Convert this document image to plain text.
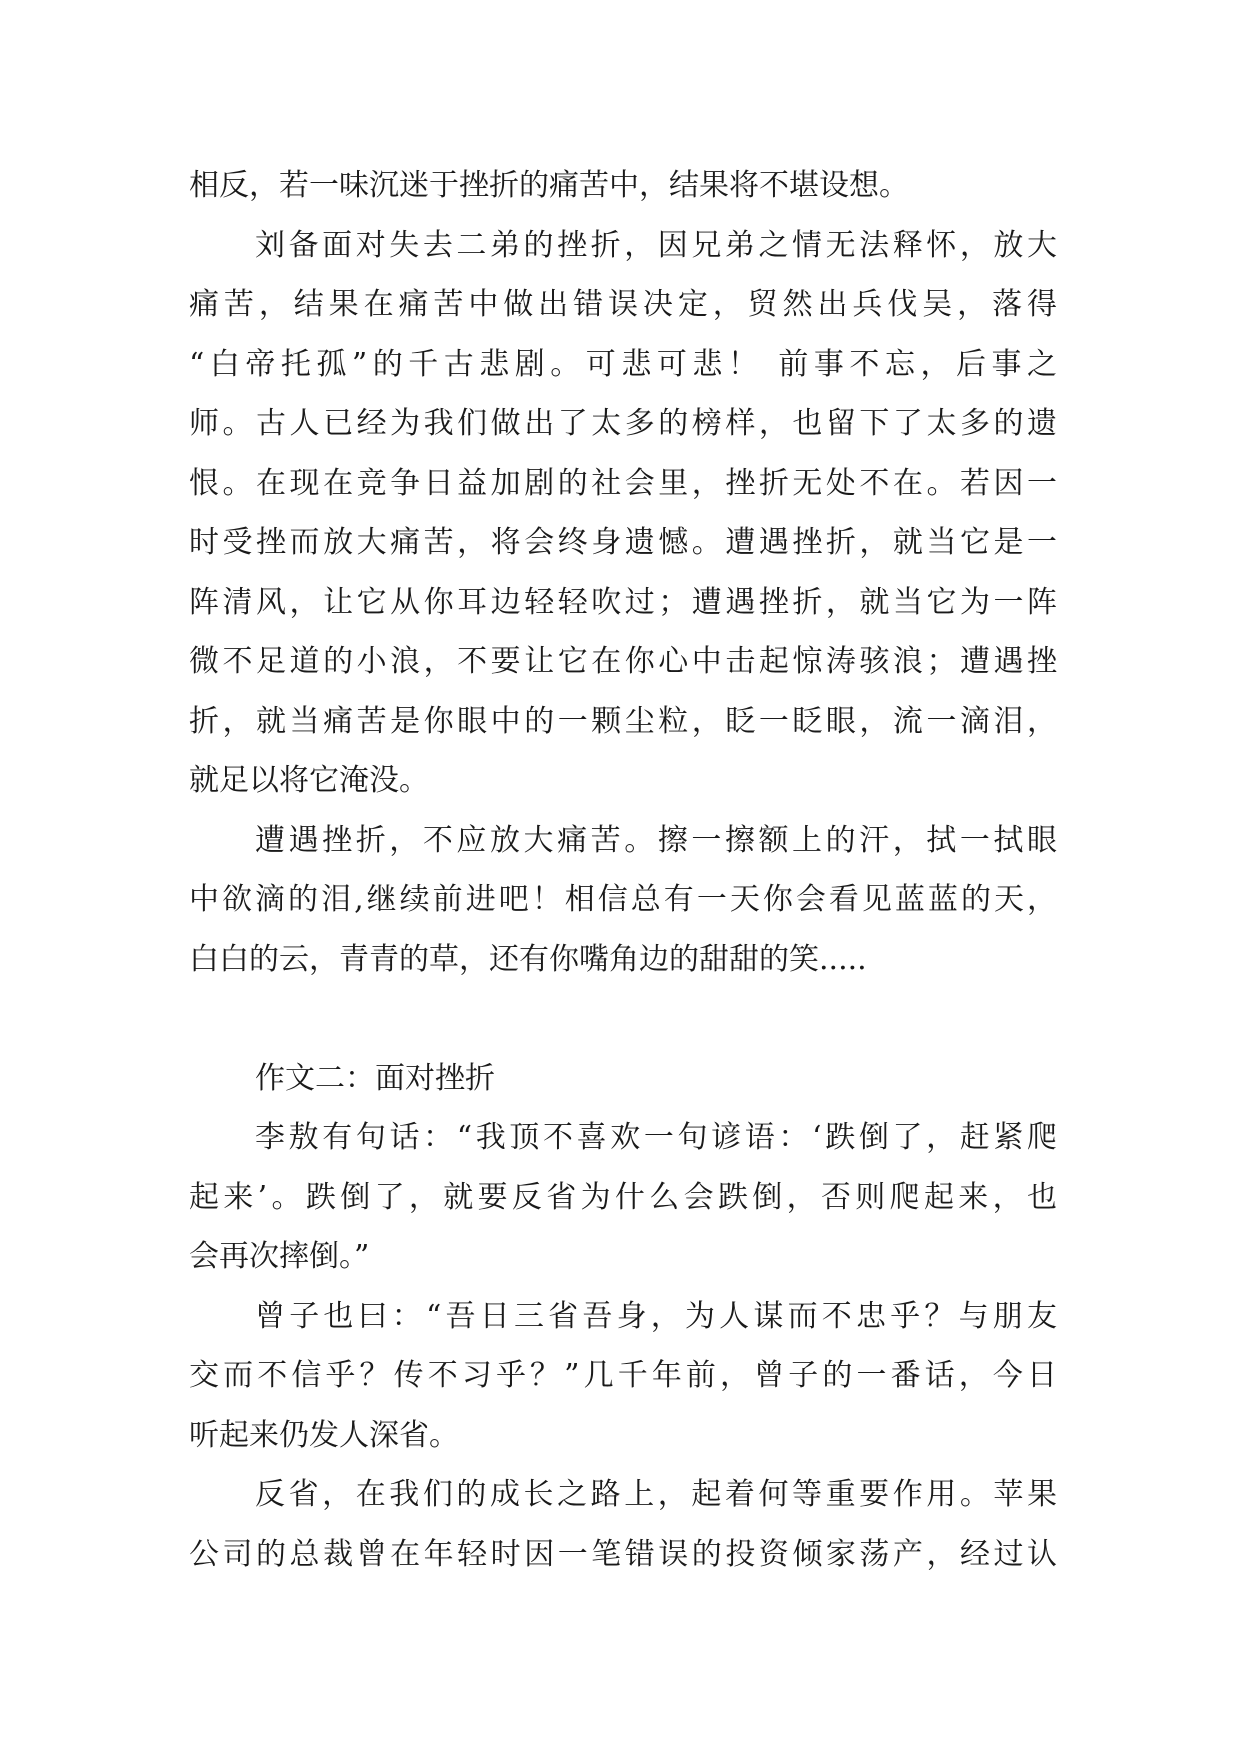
相反，若一味沉迷于挫折的痛苦中，结果将不堪设想。
刘备面对失去二弟的挫折，因兄弟之情无法释怀，放大
痛苦，结果在痛苦中做出错误决定，贸然出兵伐吴，落得
“白帝托孤”的千古悲剧。可悲可悲！ 前事不忘，后事之
师。古人已经为我们做出了太多的榜样，也留下了太多的遗
恨。在现在竞争日益加剧的社会里，挫折无处不在。若因一
时受挫而放大痛苦，将会终身遗憾。遭遇挫折，就当它是一
阵清风，让它从你耳边轻轻吹过；遭遇挫折，就当它为一阵
微不足道的小浪，不要让它在你心中击起惊涛骇浪；遭遇挫
折，就当痛苦是你眼中的一颗尘粒，眨一眨眼，流一滴泪，
就足以将它淹没。
遭遇挫折，不应放大痛苦。擦一擦额上的汗，拭一拭眼
中欲滴的泪,继续前进吧！相信总有一天你会看见蓝蓝的天，
白白的云，青青的草，还有你嘴角边的甜甜的笑.....
作文二：面对挫折
李敖有句话：“我顶不喜欢一句谚语：‘跌倒了，赶紧爬
起来’。跌倒了，就要反省为什么会跌倒，否则爬起来，也
会再次摔倒。”
曾子也曰：“吾日三省吾身，为人谋而不忠乎？与朋友
交而不信乎？传不习乎？”几千年前，曾子的一番话，今日
听起来仍发人深省。
反省，在我们的成长之路上，起着何等重要作用。苹果
公司的总裁曾在年轻时因一笔错误的投资倾家荡产，经过认
